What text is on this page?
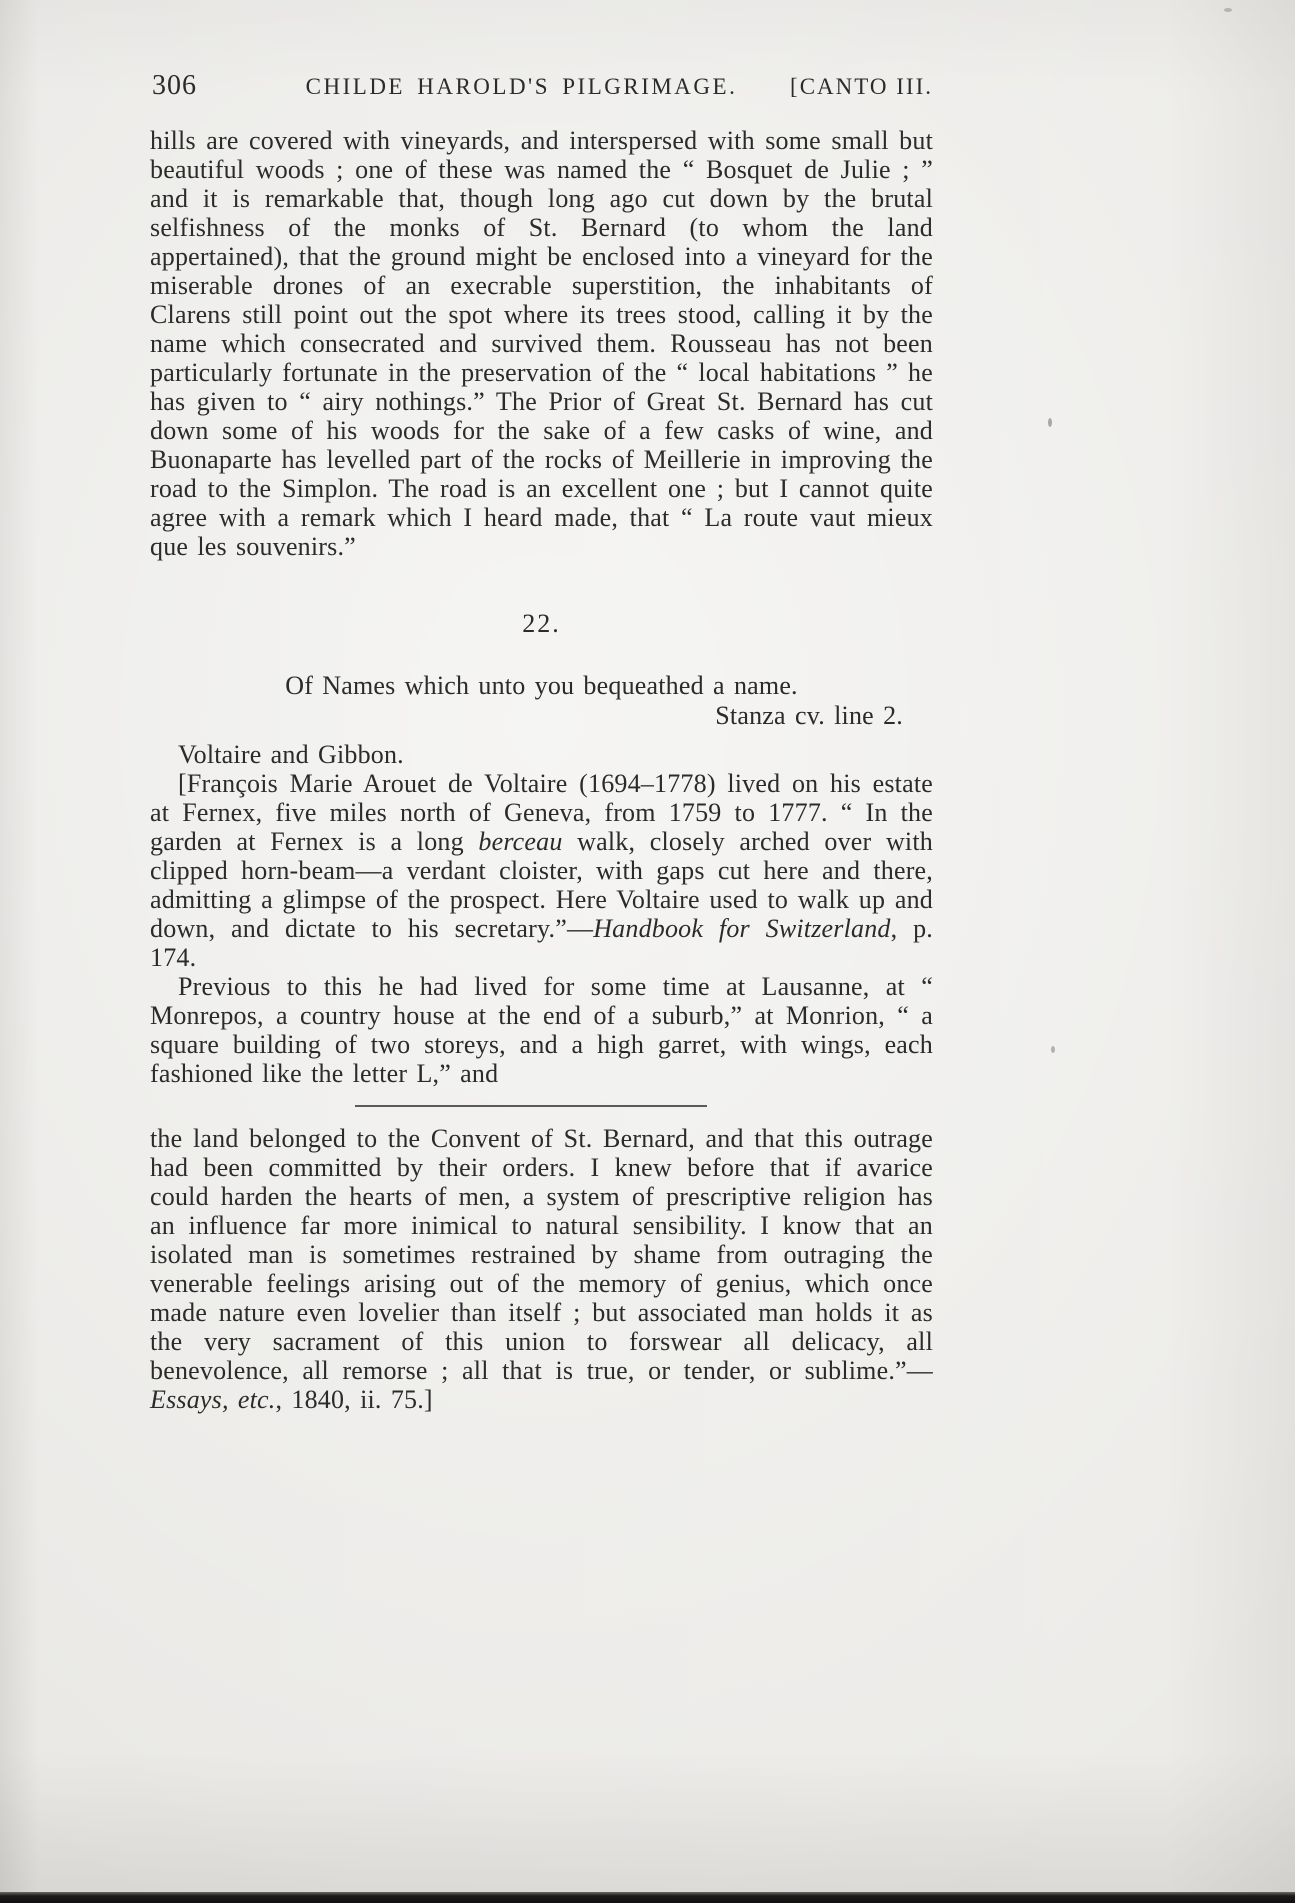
306	CHILDE HAROLD'S PILGRIMAGE.	[CANTO III.

hills are covered with vineyards, and interspersed with some small but beautiful woods ; one of these was named the “ Bosquet de Julie ; ” and it is remarkable that, though long ago cut down by the brutal selfishness of the monks of St. Bernard (to whom the land appertained), that the ground might be enclosed into a vineyard for the miserable drones of an execrable superstition, the inhabitants of Clarens still point out the spot where its trees stood, calling it by the name which consecrated and survived them. Rousseau has not been particularly fortunate in the preservation of the “ local habitations ” he has given to “ airy nothings.” The Prior of Great St. Bernard has cut down some of his woods for the sake of a few casks of wine, and Buonaparte has levelled part of the rocks of Meillerie in improving the road to the Simplon. The road is an excellent one ; but I cannot quite agree with a remark which I heard made, that “ La route vaut mieux que les souvenirs.”

22.
Of Names which unto you bequeathed a name.
Stanza cv. line 2.

Voltaire and Gibbon.

[François Marie Arouet de Voltaire (1694–1778) lived on his estate at Fernex, five miles north of Geneva, from 1759 to 1777. “ In the garden at Fernex is a long berceau walk, closely arched over with clipped horn-beam—a verdant cloister, with gaps cut here and there, admitting a glimpse of the prospect. Here Voltaire used to walk up and down, and dictate to his secretary.”—Handbook for Switzerland, p. 174.

Previous to this he had lived for some time at Lausanne, at “ Monrepos, a country house at the end of a suburb,” at Monrion, “ a square building of two storeys, and a high garret, with wings, each fashioned like the letter L,” and

the land belonged to the Convent of St. Bernard, and that this outrage had been committed by their orders. I knew before that if avarice could harden the hearts of men, a system of prescriptive religion has an influence far more inimical to natural sensibility. I know that an isolated man is sometimes restrained by shame from outraging the venerable feelings arising out of the memory of genius, which once made nature even lovelier than itself ; but associated man holds it as the very sacrament of this union to forswear all delicacy, all benevolence, all remorse ; all that is true, or tender, or sublime.”—Essays, etc., 1840, ii. 75.]
